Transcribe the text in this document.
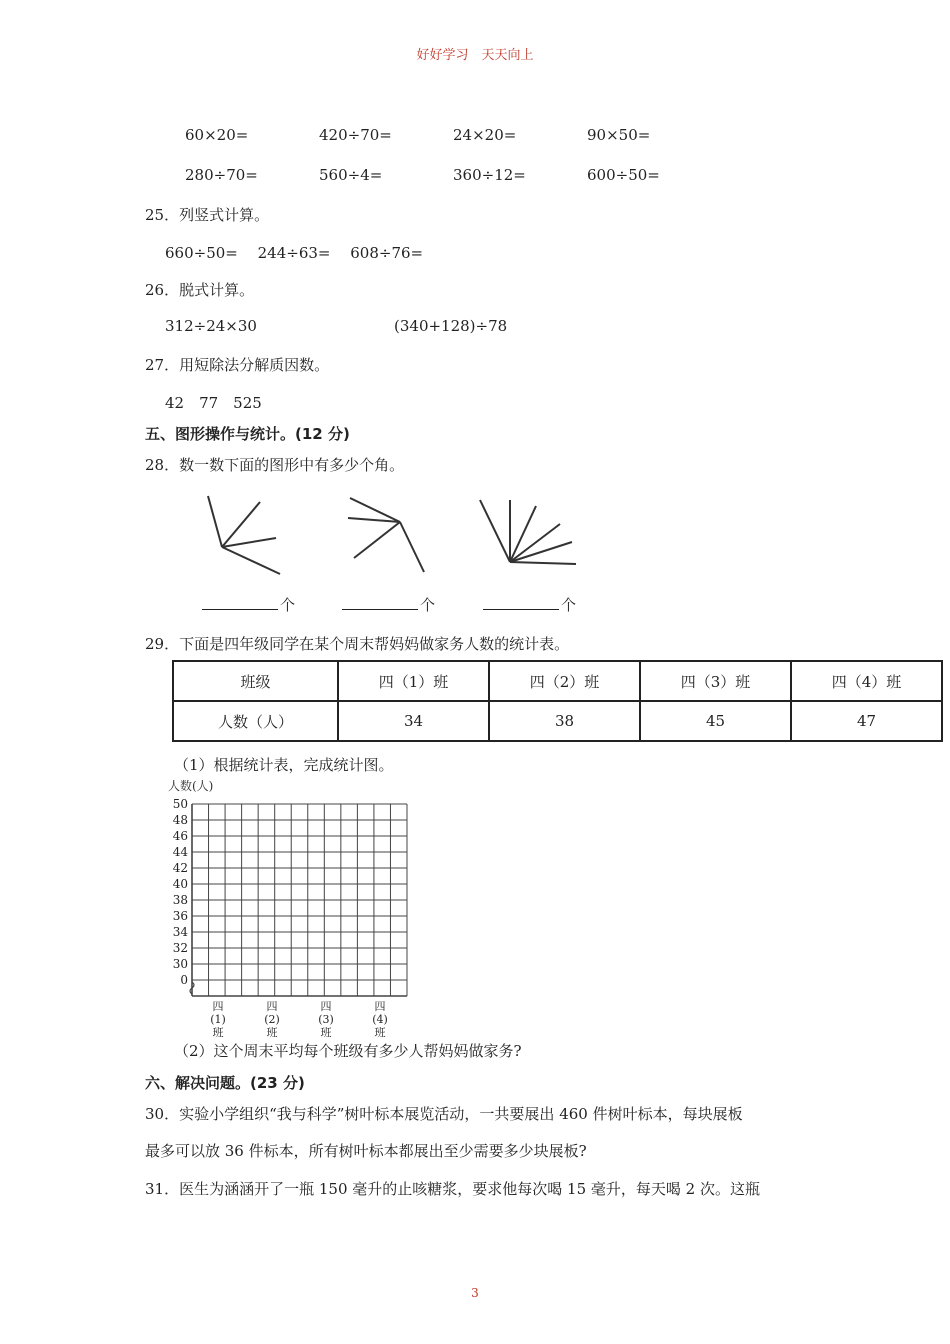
好好学习　天天向上
60×20=	420÷70=	24×20=	90×50=
280÷70=	560÷4=	360÷12=	600÷50=
25．列竖式计算。
660÷50=　 244÷63=　 608÷76=
26．脱式计算。
312÷24×30	(340+128)÷78
27．用短除法分解质因数。
42　77　525
五、图形操作与统计。(12 分)
28．数一数下面的图形中有多少个角。
个	个	个
29．下面是四年级同学在某个周末帮妈妈做家务人数的统计表。
班级	四（1）班	四（2）班	四（3）班	四（4）班
人数（人）	34	38	45	47
（1）根据统计表，完成统计图。
人数(人)
50
48
46
44
42
40
38
36
34
32
30
0
四
(1)
班
四
(2)
班
四
(3)
班
四
(4)
班
（2）这个周末平均每个班级有多少人帮妈妈做家务?
六、解决问题。(23 分)
30．实验小学组织“我与科学”树叶标本展览活动，一共要展出 460 件树叶标本，每块展板
最多可以放 36 件标本，所有树叶标本都展出至少需要多少块展板?
31．医生为涵涵开了一瓶 150 毫升的止咳糖浆，要求他每次喝 15 毫升，每天喝 2 次。这瓶
3
